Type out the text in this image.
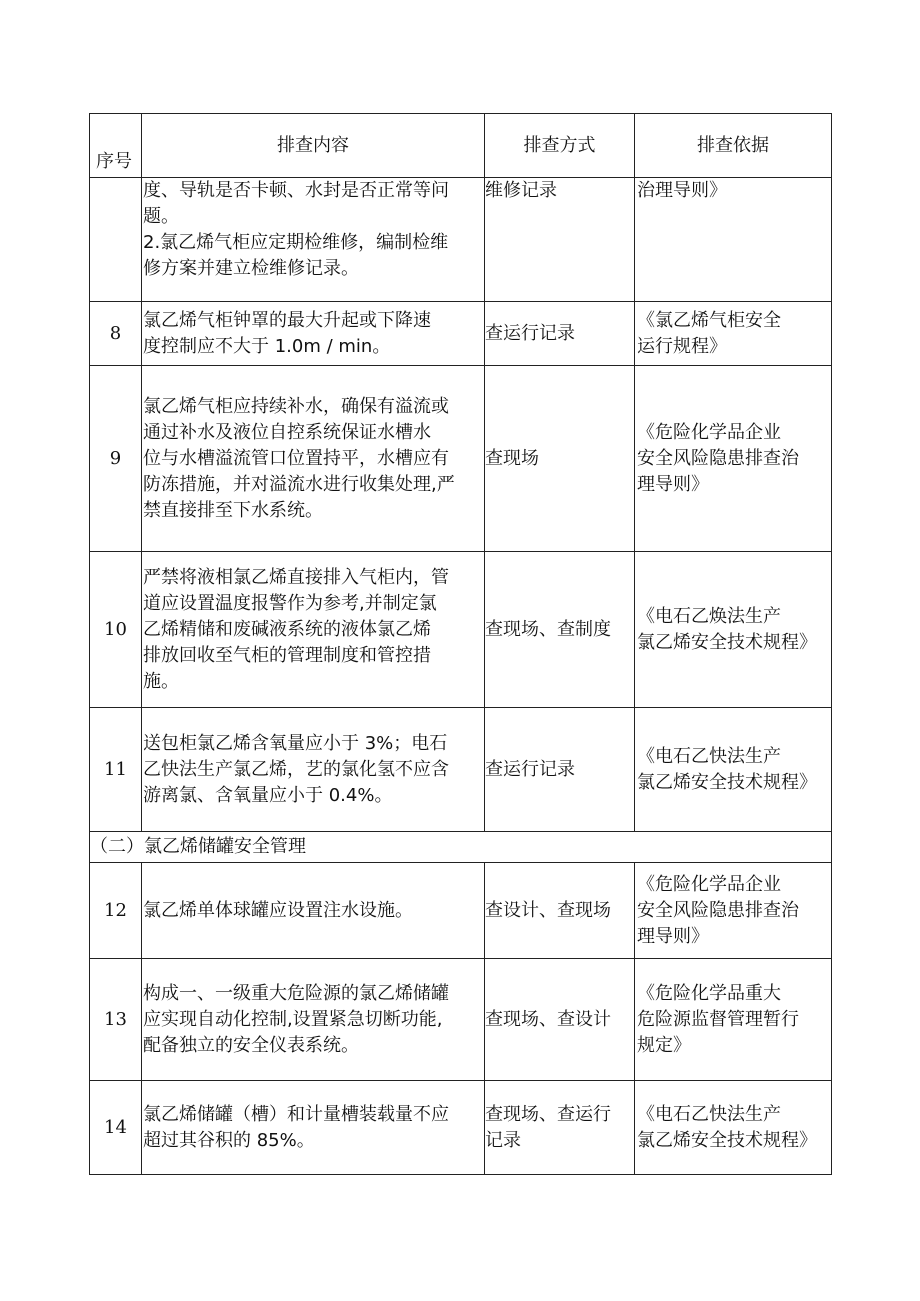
序号	排查内容	排查方式	排查依据

	度、导轨是否卡顿、水封是否正常等问
题。
2.氯乙烯气柜应定期检维修，编制检维
修方案并建立检维修记录。	维修记录	治理导则》

8	氯乙烯气柜钟罩的最大升起或下降速
度控制应不大于 1.0m / min。	查运行记录	《氯乙烯气柜安全
运行规程》

9	氯乙烯气柜应持续补水，确保有溢流或
通过补水及液位自控系统保证水槽水
位与水槽溢流管口位置持平，水槽应有
防冻措施，并对溢流水进行收集处理,严
禁直接排至下水系统。	查现场	《危险化学品企业
安全风险隐患排查治
理导则》

10	严禁将液相氯乙烯直接排入气柜内，管
道应设置温度报警作为参考,并制定氯
乙烯精储和废碱液系统的液体氯乙烯
排放回收至气柜的管理制度和管控措
施。	查现场、查制度	《电石乙焕法生产
氯乙烯安全技术规程》

11	送包柜氯乙烯含氧量应小于 3%；电石
乙快法生产氯乙烯，艺的氯化氢不应含
游离氯、含氧量应小于 0.4%。	查运行记录	《电石乙快法生产
氯乙烯安全技术规程》

（二）氯乙烯储罐安全管理			
12	氯乙烯单体球罐应设置注水设施。	查设计、查现场	《危险化学品企业
安全风险隐患排查治
理导则》

13	构成一、一级重大危险源的氯乙烯储罐
应实现自动化控制,设置紧急切断功能,
配备独立的安全仪表系统。	查现场、查设计	《危险化学品重大
危险源监督管理暂行
规定》

14	氯乙烯储罐（槽）和计量槽装载量不应
超过其谷积的 85%。	查现场、查运行
记录	《电石乙快法生产
氯乙烯安全技术规程》
